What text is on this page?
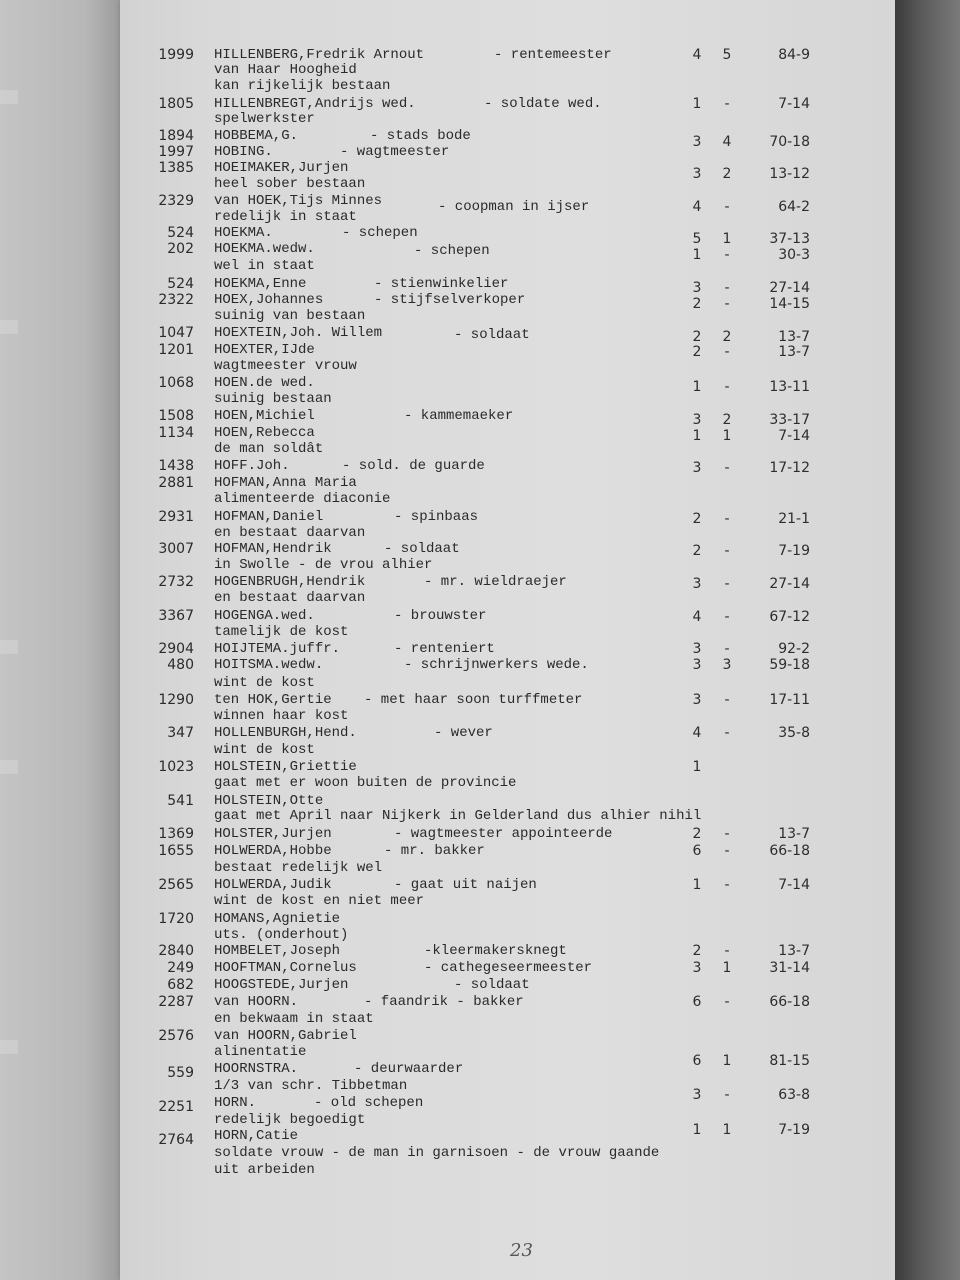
1999 HILLENBERG,Fredrik Arnout	- rentemeester	4	5	84-9
van Haar Hoogheid
kan rijkelijk bestaan
1805 HILLENBREGT,Andrijs wed.	- soldate wed.	1	-	7-14
spelwerkster
1894 HOBBEMA,G.	- stads bode	3	4	70-18
1997 HOBING.	- wagtmeester
1385 HOEIMAKER,Jurjen	3	2	13-12
heel sober bestaan
2329 van HOEK,Tijs Minnes	- coopman in ijser	4	-	64-2
redelijk in staat
524 HOEKMA.	- schepen	5	1	37-13
202 HOEKMA.wedw.	- schepen	1	-	30-3
wel in staat
524 HOEKMA,Enne	- stienwinkelier	3	-	27-14
2322 HOEX,Johannes	- stijfselverkoper	2	-	14-15
suinig van bestaan
1047 HOEXTEIN,Joh. Willem	- soldaat	2	2	13-7
1201 HOEXTER,IJde	2	-	13-7
wagtmeester vrouw
1068 HOEN.de wed.	1	-	13-11
suinig bestaan
1508 HOEN,Michiel	- kammemaeker	3	2	33-17
1134 HOEN,Rebecca	1	1	7-14
de man soldât
1438 HOFF.Joh.	- sold. de guarde	3	-	17-12
2881 HOFMAN,Anna Maria
alimenteerde diaconie
2931 HOFMAN,Daniel	- spinbaas	2	-	21-1
en bestaat daarvan
3007 HOFMAN,Hendrik	- soldaat	2	-	7-19
in Swolle - de vrou alhier
2732 HOGENBRUGH,Hendrik	- mr. wieldraejer	3	-	27-14
en bestaat daarvan
3367 HOGENGA.wed.	- brouwster	4	-	67-12
tamelijk de kost
2904 HOIJTEMA.juffr.	- renteniert	3	-	92-2
480 HOITSMA.wedw.	- schrijnwerkers wede.	3	3	59-18
wint de kost
1290 ten HOK,Gertie - met haar soon turffmeter	3	-	17-11
winnen haar kost
347 HOLLENBURGH,Hend.	- wever	4	-	35-8
wint de kost
1023 HOLSTEIN,Griettie	1
gaat met er woon buiten de provincie
541 HOLSTEIN,Otte
gaat met April naar Nijkerk in Gelderland dus alhier nihil
1369 HOLSTER,Jurjen	- wagtmeester appointeerde	2	-	13-7
1655 HOLWERDA,Hobbe	- mr. bakker	6	-	66-18
bestaat redelijk wel
2565 HOLWERDA,Judik	- gaat uit naijen	1	-	7-14
wint de kost en niet meer
1720 HOMANS,Agnietie
uts. (onderhout)
2840 HOMBELET,Joseph	-kleermakersknegt	2	-	13-7
249 HOOFTMAN,Cornelus	- cathegeseermeester	3	1	31-14
682 HOOGSTEDE,Jurjen	- soldaat
2287 van HOORN.	- faandrik - bakker	6	-	66-18
en bekwaam in staat
2576 van HOORN,Gabriel
alinentatie
559 HOORNSTRA.	- deurwaarder	6	1	81-15
1/3 van schr. Tibbetman
2251 HORN.	- old schepen	3	-	63-8
redelijk begoedigt
2764 HORN,Catie	1	1	7-19
soldate vrouw - de man in garnisoen - de vrouw gaande
uit arbeiden
23
